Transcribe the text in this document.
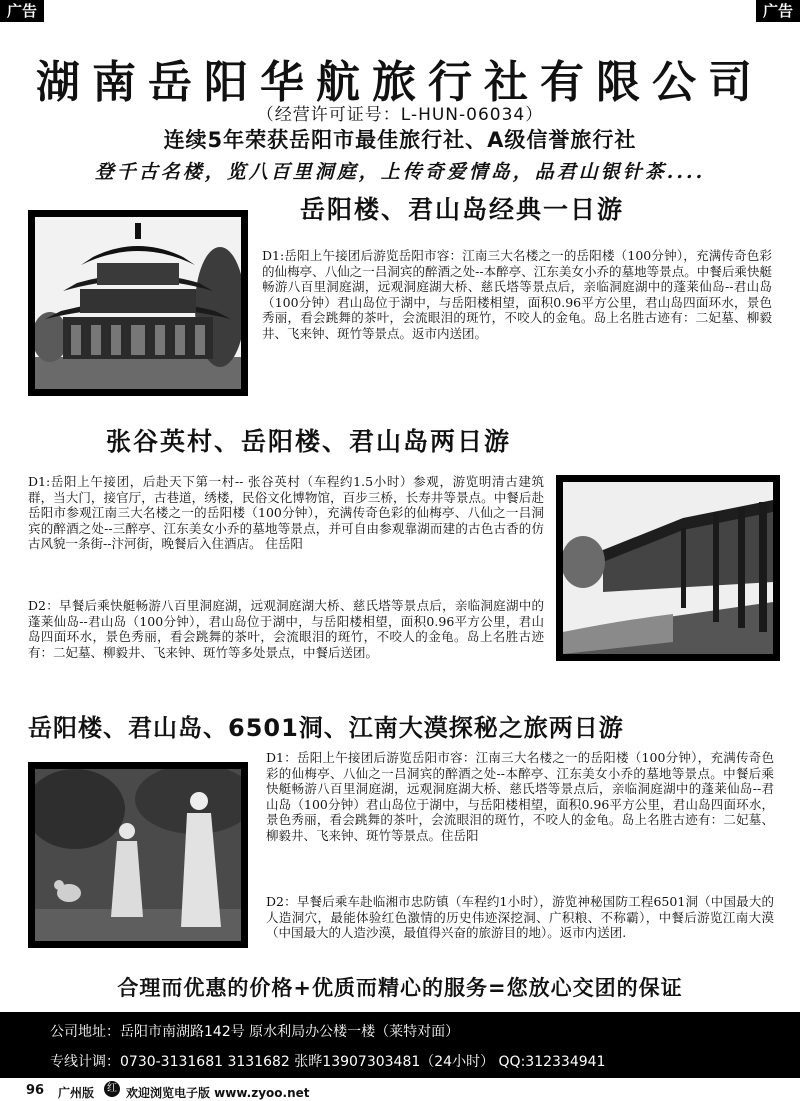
广告	广告
湖南岳阳华航旅行社有限公司
（经营许可证号：L-HUN-06034）
连续5年荣获岳阳市最佳旅行社、A级信誉旅行社
登千古名楼，览八百里洞庭，上传奇爱情岛，品君山银针茶....
岳阳楼、君山岛经典一日游
D1:岳阳上午接团后游览岳阳市容：江南三大名楼之一的岳阳楼（100分钟），充满传奇色彩的仙梅亭、八仙之一吕洞宾的醉酒之处--本醉亭、江东美女小乔的墓地等景点。中餐后乘快艇畅游八百里洞庭湖，远观洞庭湖大桥、慈氏塔等景点后，亲临洞庭湖中的蓬莱仙岛--君山岛（100分钟）君山岛位于湖中，与岳阳楼相望，面积0.96平方公里，君山岛四面环水，景色秀丽，看会跳舞的茶叶，会流眼泪的斑竹，不咬人的金龟。岛上名胜古迹有：二妃墓、柳毅井、飞来钟、斑竹等景点。返市内送团。
张谷英村、岳阳楼、君山岛两日游
D1:岳阳上午接团，后赴天下第一村-- 张谷英村（车程约1.5小时）参观，游览明清古建筑群，当大门，接官厅，古巷道，绣楼，民俗文化博物馆，百步三桥，长寿井等景点。中餐后赴岳阳市参观江南三大名楼之一的岳阳楼（100分钟），充满传奇色彩的仙梅亭、八仙之一吕洞宾的醉酒之处--三醉亭、江东美女小乔的墓地等景点，并可自由参观靠湖而建的古色古香的仿古风貌一条街--汴河街，晚餐后入住酒店。 住岳阳
D2：早餐后乘快艇畅游八百里洞庭湖，远观洞庭湖大桥、慈氏塔等景点后，亲临洞庭湖中的蓬莱仙岛--君山岛（100分钟），君山岛位于湖中，与岳阳楼相望，面积0.96平方公里，君山岛四面环水，景色秀丽，看会跳舞的茶叶，会流眼泪的斑竹，不咬人的金龟。岛上名胜古迹有：二妃墓、柳毅井、飞来钟、斑竹等多处景点，中餐后送团。
岳阳楼、君山岛、6501洞、江南大漠探秘之旅两日游
D1：岳阳上午接团后游览岳阳市容：江南三大名楼之一的岳阳楼（100分钟），充满传奇色彩的仙梅亭、八仙之一吕洞宾的醉酒之处--本醉亭、江东美女小乔的墓地等景点。中餐后乘快艇畅游八百里洞庭湖，远观洞庭湖大桥、慈氏塔等景点后，亲临洞庭湖中的蓬莱仙岛--君山岛（100分钟）君山岛位于湖中，与岳阳楼相望，面积0.96平方公里，君山岛四面环水，景色秀丽，看会跳舞的茶叶，会流眼泪的斑竹，不咬人的金龟。岛上名胜古迹有：二妃墓、柳毅井、飞来钟、斑竹等景点。住岳阳
D2：早餐后乘车赴临湘市忠防镇（车程约1小时），游览神秘国防工程6501洞（中国最大的人造洞穴，最能体验红色激情的历史伟迹深挖洞、广积粮、不称霸），中餐后游览江南大漠（中国最大的人造沙漠，最值得兴奋的旅游目的地）。返市内送团.
合理而优惠的价格+优质而精心的服务=您放心交团的保证
公司地址：岳阳市南湖路142号 原水利局办公楼一楼（莱特对面）
专线计调：0730-3131681 3131682 张晔13907303481（24小时） QQ:312334941
96 广州版	红 欢迎浏览电子版 www.zyoo.net
